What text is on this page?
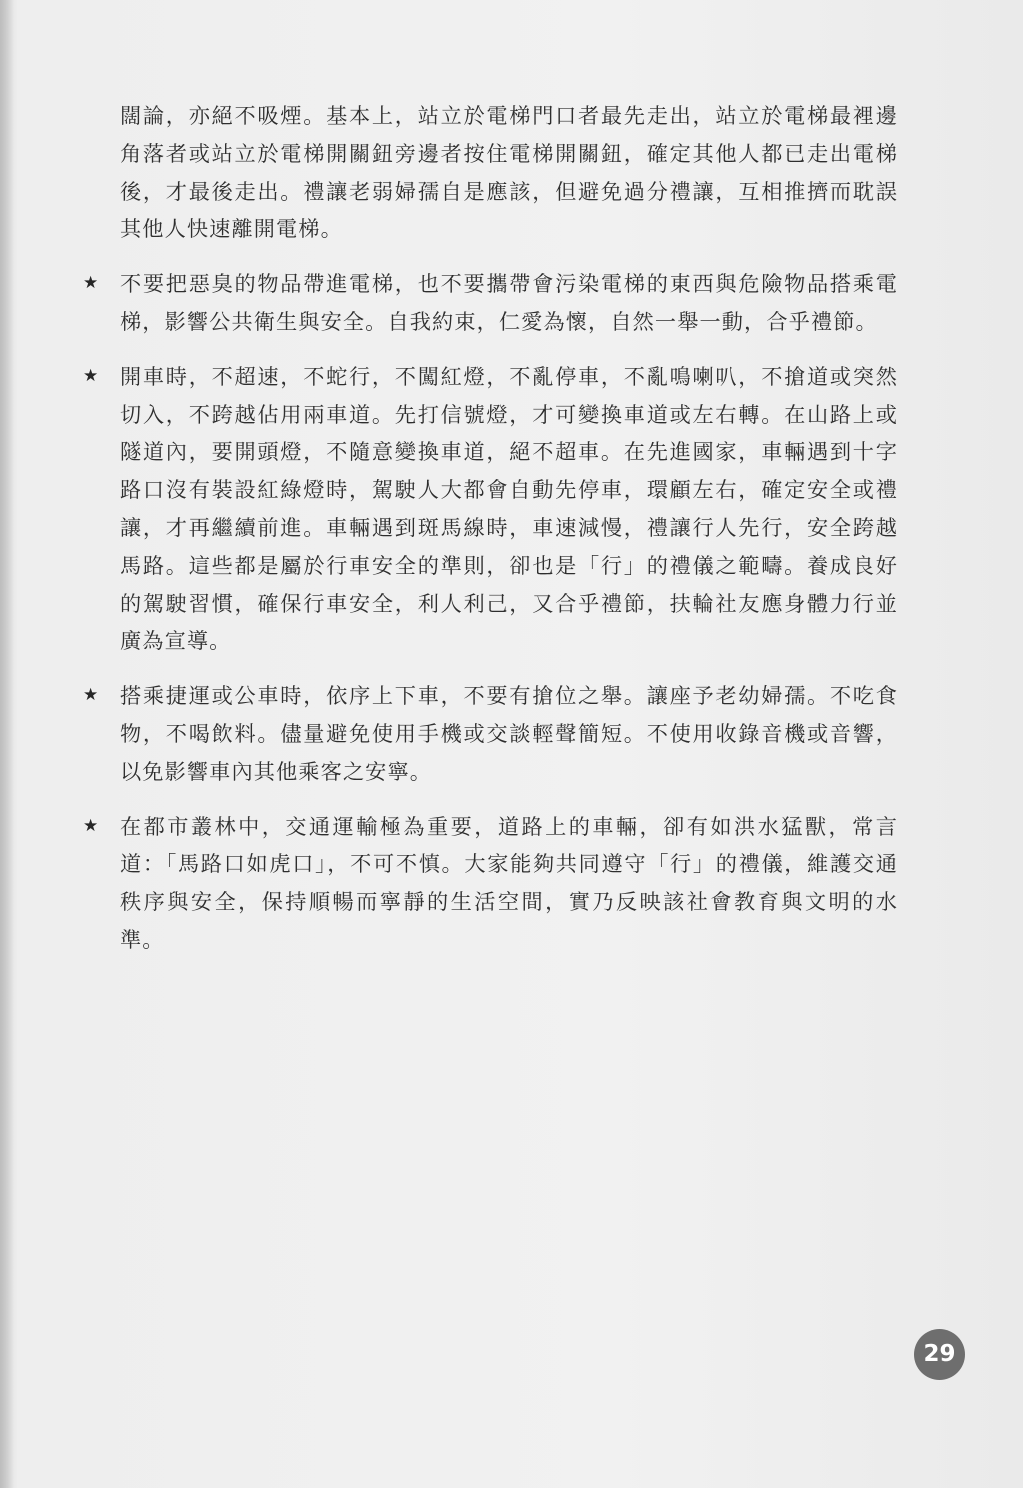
闊論，亦絕不吸煙。基本上，站立於電梯門口者最先走出，站立於電梯最裡邊角落者或站立於電梯開關鈕旁邊者按住電梯開關鈕，確定其他人都已走出電梯後，才最後走出。禮讓老弱婦孺自是應該，但避免過分禮讓，互相推擠而耽誤其他人快速離開電梯。
★ 不要把惡臭的物品帶進電梯，也不要攜帶會污染電梯的東西與危險物品搭乘電梯，影響公共衛生與安全。自我約束，仁愛為懷，自然一舉一動，合乎禮節。
★ 開車時，不超速，不蛇行，不闖紅燈，不亂停車，不亂鳴喇叭，不搶道或突然切入，不跨越佔用兩車道。先打信號燈，才可變換車道或左右轉。在山路上或隧道內，要開頭燈，不隨意變換車道，絕不超車。在先進國家，車輛遇到十字路口沒有裝設紅綠燈時，駕駛人大都會自動先停車，環顧左右，確定安全或禮讓，才再繼續前進。車輛遇到斑馬線時，車速減慢，禮讓行人先行，安全跨越馬路。這些都是屬於行車安全的準則，卻也是「行」的禮儀之範疇。養成良好的駕駛習慣，確保行車安全，利人利己，又合乎禮節，扶輪社友應身體力行並廣為宣導。
★ 搭乘捷運或公車時，依序上下車，不要有搶位之舉。讓座予老幼婦孺。不吃食物，不喝飲料。儘量避免使用手機或交談輕聲簡短。不使用收錄音機或音響，以免影響車內其他乘客之安寧。
★ 在都市叢林中，交通運輸極為重要，道路上的車輛，卻有如洪水猛獸，常言道：「馬路口如虎口」，不可不慎。大家能夠共同遵守「行」的禮儀，維護交通秩序與安全，保持順暢而寧靜的生活空間，實乃反映該社會教育與文明的水準。
29
